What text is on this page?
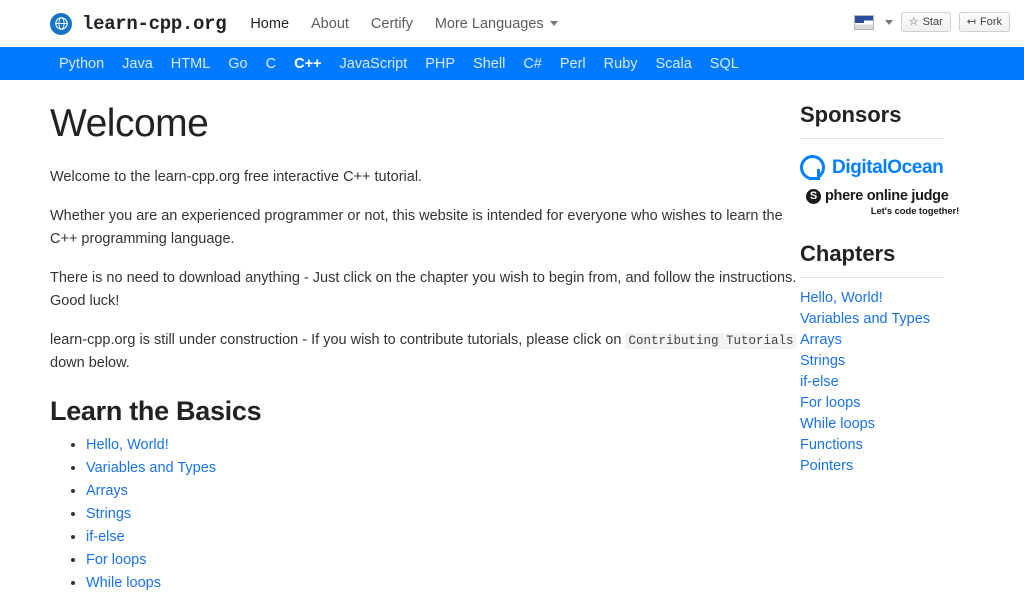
learn-cpp.org Home About Certify More Languages	☆ Star ↤ Fork
Python	Java	HTML	Go	C	C++	JavaScript	PHP	Shell	C#	Perl	Ruby	Scala	SQL
Welcome

Welcome to the learn-cpp.org free interactive C++ tutorial.

Whether you are an experienced programmer or not, this website is intended for everyone who wishes to learn the C++ programming language.

There is no need to download anything - Just click on the chapter you wish to begin from, and follow the instructions. Good luck!

learn-cpp.org is still under construction - If you wish to contribute tutorials, please click on Contributing Tutorials down below.

Learn the Basics
• Hello, World!
• Variables and Types
• Arrays
• Strings
• if-else
• For loops
• While loops
Sponsors
DigitalOcean
S phere online judge
Let's code together!
Chapters
Hello, World!
Variables and Types
Arrays
Strings
if-else
For loops
While loops
Functions
Pointers
